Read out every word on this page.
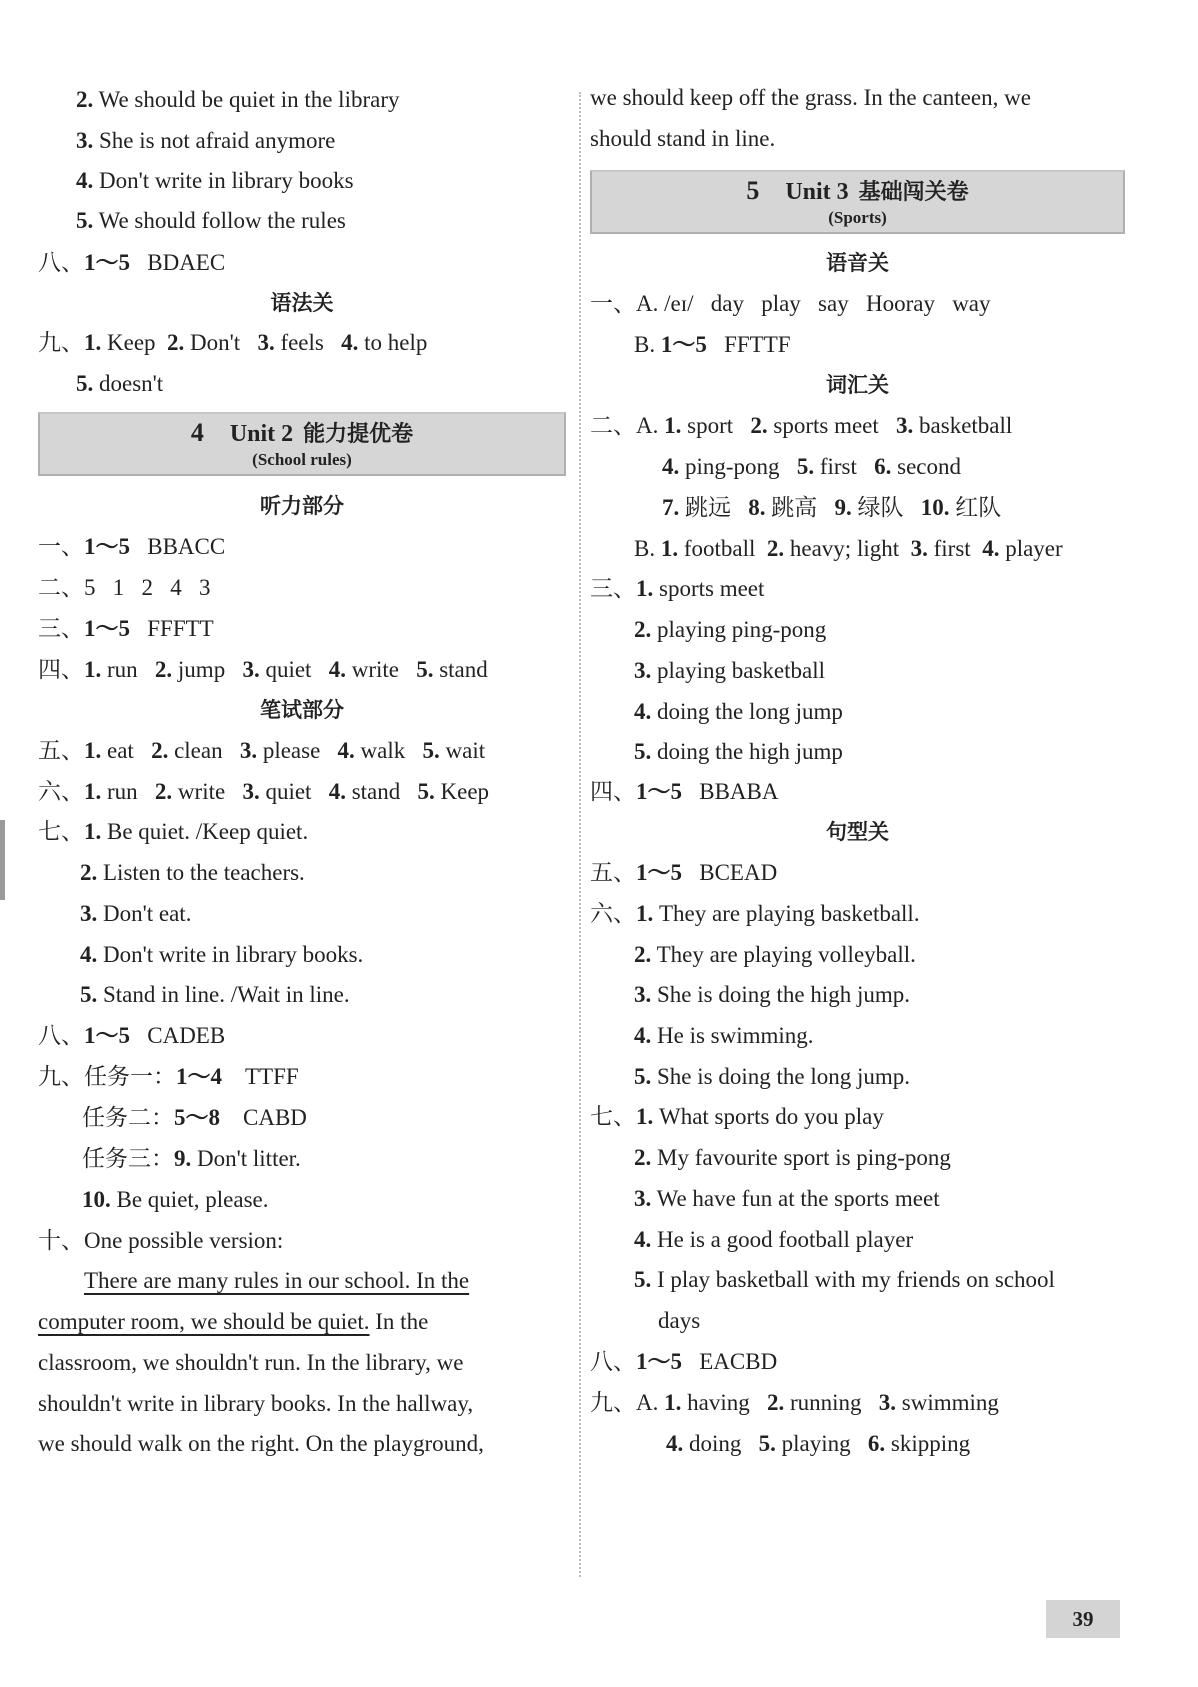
2. We should be quiet in the library
3. She is not afraid anymore
4. Don't write in library books
5. We should follow the rules
八、1～5 BDAEC
语法关
九、1. Keep 2. Don't 3. feels 4. to help
5. doesn't
4 Unit 2 能力提优卷
(School rules)
听力部分
一、1～5 BBACC
二、5   1   2   4   3
三、1～5 FFFTT
四、1. run 2. jump 3. quiet 4. write 5. stand
笔试部分
五、1. eat 2. clean 3. please 4. walk 5. wait
六、1. run 2. write 3. quiet 4. stand 5. Keep
七、1. Be quiet. /Keep quiet.
2. Listen to the teachers.
3. Don't eat.
4. Don't write in library books.
5. Stand in line. /Wait in line.
八、1～5 CADEB
九、任务一：1～4 TTFF
任务二：5～8 CABD
任务三：9. Don't litter.
10. Be quiet, please.
十、One possible version:
There are many rules in our school. In the
computer room, we should be quiet. In the
classroom, we shouldn't run. In the library, we
shouldn't write in library books. In the hallway,
we should walk on the right. On the playground,
we should keep off the grass. In the canteen, we
should stand in line.
5 Unit 3 基础闯关卷
(Sports)
语音关
一、A. /eɪ/ day   play   say   Hooray   way
B. 1～5 FFTTF
词汇关
二、A. 1. sport 2. sports meet 3. basketball
4. ping-pong 5. first 6. second
7. 跳远 8. 跳高 9. 绿队 10. 红队
B. 1. football 2. heavy; light 3. first 4. player
三、1. sports meet
2. playing ping-pong
3. playing basketball
4. doing the long jump
5. doing the high jump
四、1～5 BBABA
句型关
五、1～5 BCEAD
六、1. They are playing basketball.
2. They are playing volleyball.
3. She is doing the high jump.
4. He is swimming.
5. She is doing the long jump.
七、1. What sports do you play
2. My favourite sport is ping-pong
3. We have fun at the sports meet
4. He is a good football player
5. I play basketball with my friends on school
days
八、1～5 EACBD
九、A. 1. having 2. running 3. swimming
4. doing 5. playing 6. skipping
39
